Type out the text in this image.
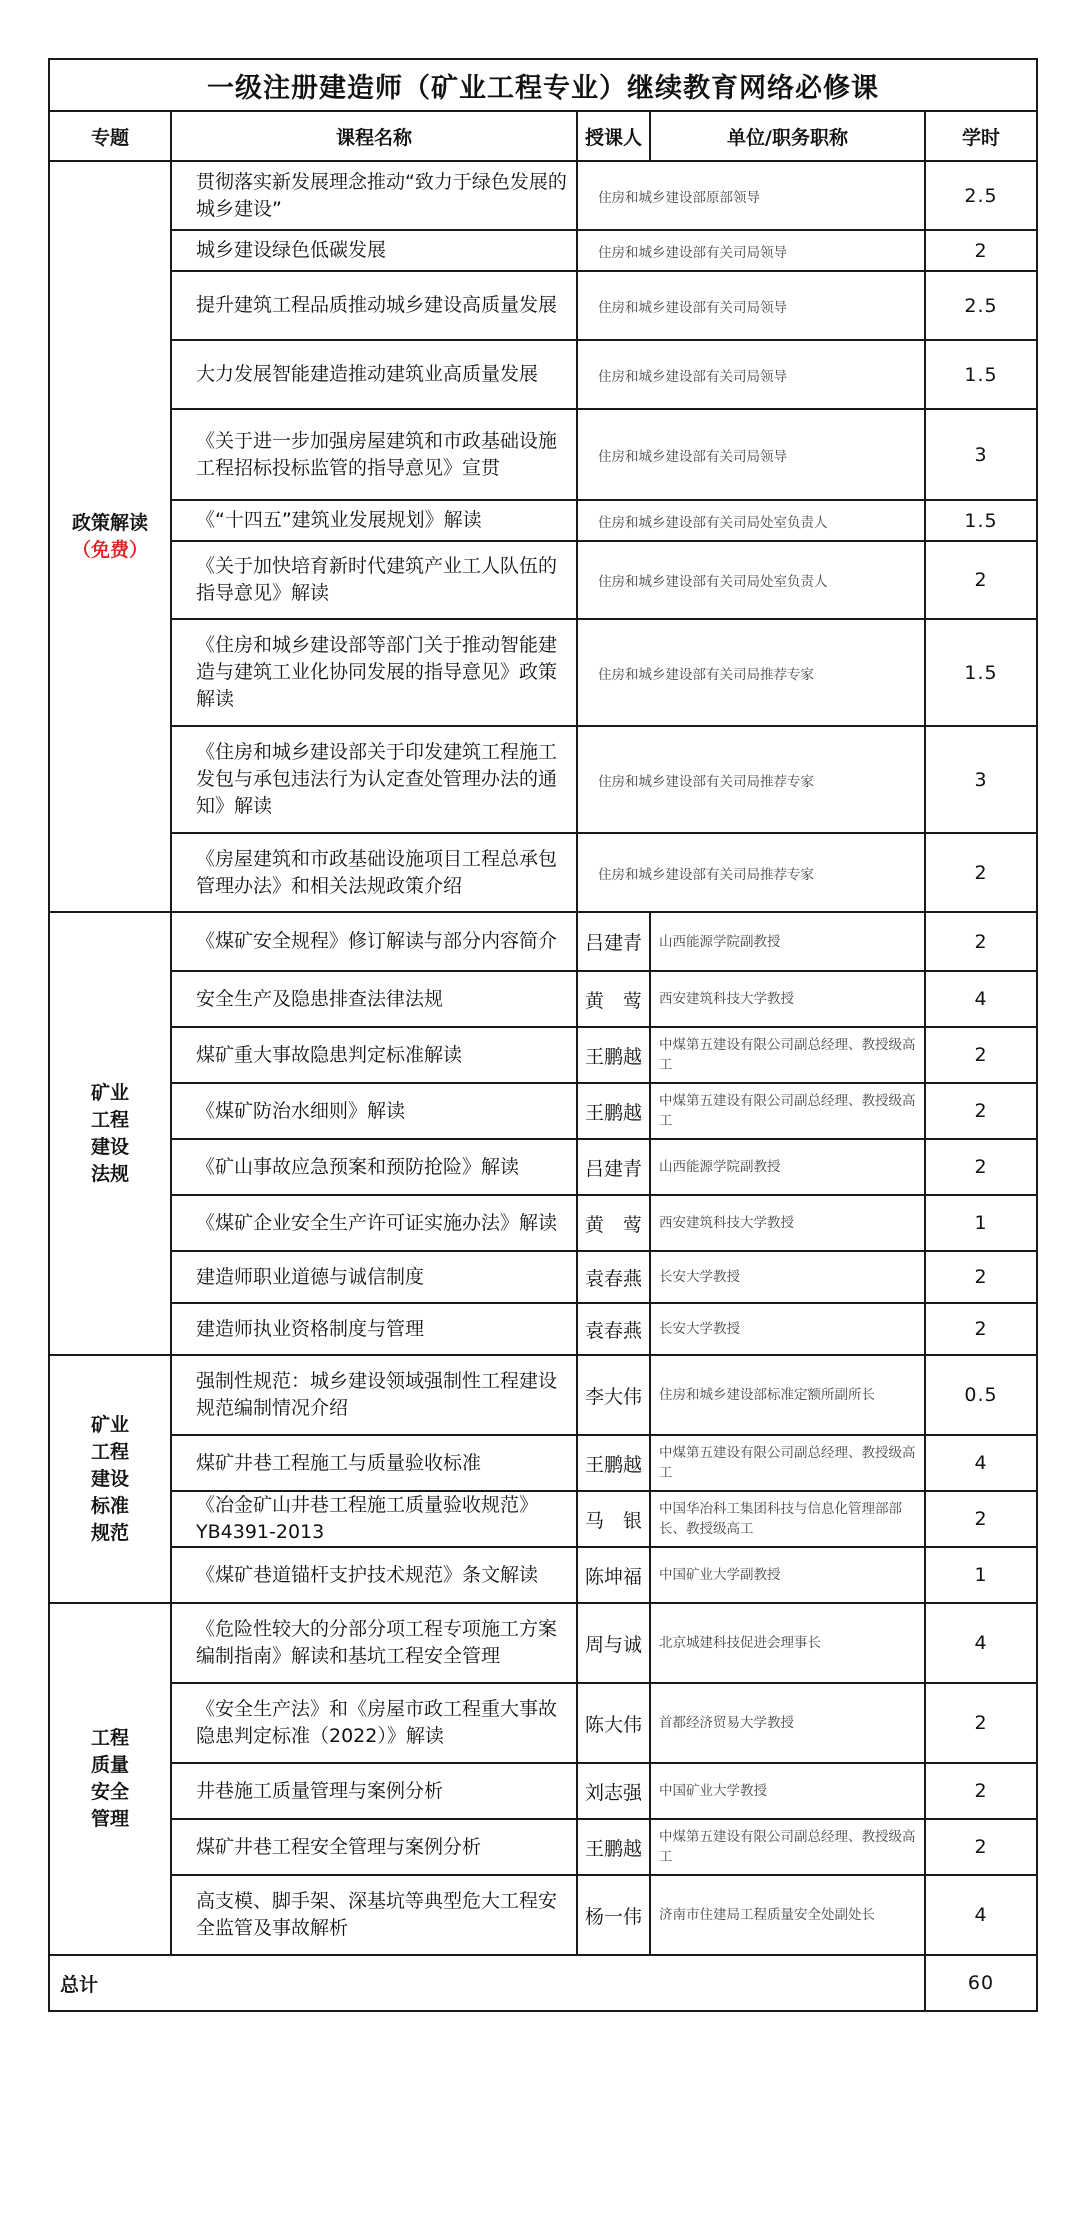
一级注册建造师（矿业工程专业）继续教育网络必修课				
专题	课程名称	授课人	单位/职务职称	学时

政策解读
（免费）	贯彻落实新发展理念推动“致力于绿色发展的城乡建设”	住房和城乡建设部原部领导		2.5
	城乡建设绿色低碳发展	住房和城乡建设部有关司局领导		2
	提升建筑工程品质推动城乡建设高质量发展	住房和城乡建设部有关司局领导		2.5
	大力发展智能建造推动建筑业高质量发展	住房和城乡建设部有关司局领导		1.5
	《关于进一步加强房屋建筑和市政基础设施工程招标投标监管的指导意见》宣贯	住房和城乡建设部有关司局领导		3
	《“十四五”建筑业发展规划》解读	住房和城乡建设部有关司局处室负责人		1.5
	《关于加快培育新时代建筑产业工人队伍的指导意见》解读	住房和城乡建设部有关司局处室负责人		2
	《住房和城乡建设部等部门关于推动智能建造与建筑工业化协同发展的指导意见》政策解读	住房和城乡建设部有关司局推荐专家		1.5
	《住房和城乡建设部关于印发建筑工程施工发包与承包违法行为认定查处管理办法的通知》解读	住房和城乡建设部有关司局推荐专家		3
	《房屋建筑和市政基础设施项目工程总承包管理办法》和相关法规政策介绍	住房和城乡建设部有关司局推荐专家		2

矿业工程建设法规	《煤矿安全规程》修订解读与部分内容简介	吕建青	山西能源学院副教授	2
	安全生产及隐患排查法律法规	黄　莺	西安建筑科技大学教授	4
	煤矿重大事故隐患判定标准解读	王鹏越	中煤第五建设有限公司副总经理、教授级高工	2
	《煤矿防治水细则》解读	王鹏越	中煤第五建设有限公司副总经理、教授级高工	2
	《矿山事故应急预案和预防抢险》解读	吕建青	山西能源学院副教授	2
	《煤矿企业安全生产许可证实施办法》解读	黄　莺	西安建筑科技大学教授	1
	建造师职业道德与诚信制度	袁春燕	长安大学教授	2
	建造师执业资格制度与管理	袁春燕	长安大学教授	2

矿业工程建设标准规范	强制性规范：城乡建设领域强制性工程建设规范编制情况介绍	李大伟	住房和城乡建设部标准定额所副所长	0.5
	煤矿井巷工程施工与质量验收标准	王鹏越	中煤第五建设有限公司副总经理、教授级高工	4
	《冶金矿山井巷工程施工质量验收规范》YB4391-2013	马　银	中国华冶科工集团科技与信息化管理部部长、教授级高工	2
	《煤矿巷道锚杆支护技术规范》条文解读	陈坤福	中国矿业大学副教授	1

工程质量安全管理	《危险性较大的分部分项工程专项施工方案编制指南》解读和基坑工程安全管理	周与诚	北京城建科技促进会理事长	4
	《安全生产法》和《房屋市政工程重大事故隐患判定标准（2022）》解读	陈大伟	首都经济贸易大学教授	2
	井巷施工质量管理与案例分析	刘志强	中国矿业大学教授	2
	煤矿井巷工程安全管理与案例分析	王鹏越	中煤第五建设有限公司副总经理、教授级高工	2
	高支模、脚手架、深基坑等典型危大工程安全监管及事故解析	杨一伟	济南市住建局工程质量安全处副处长	4
总计				60
